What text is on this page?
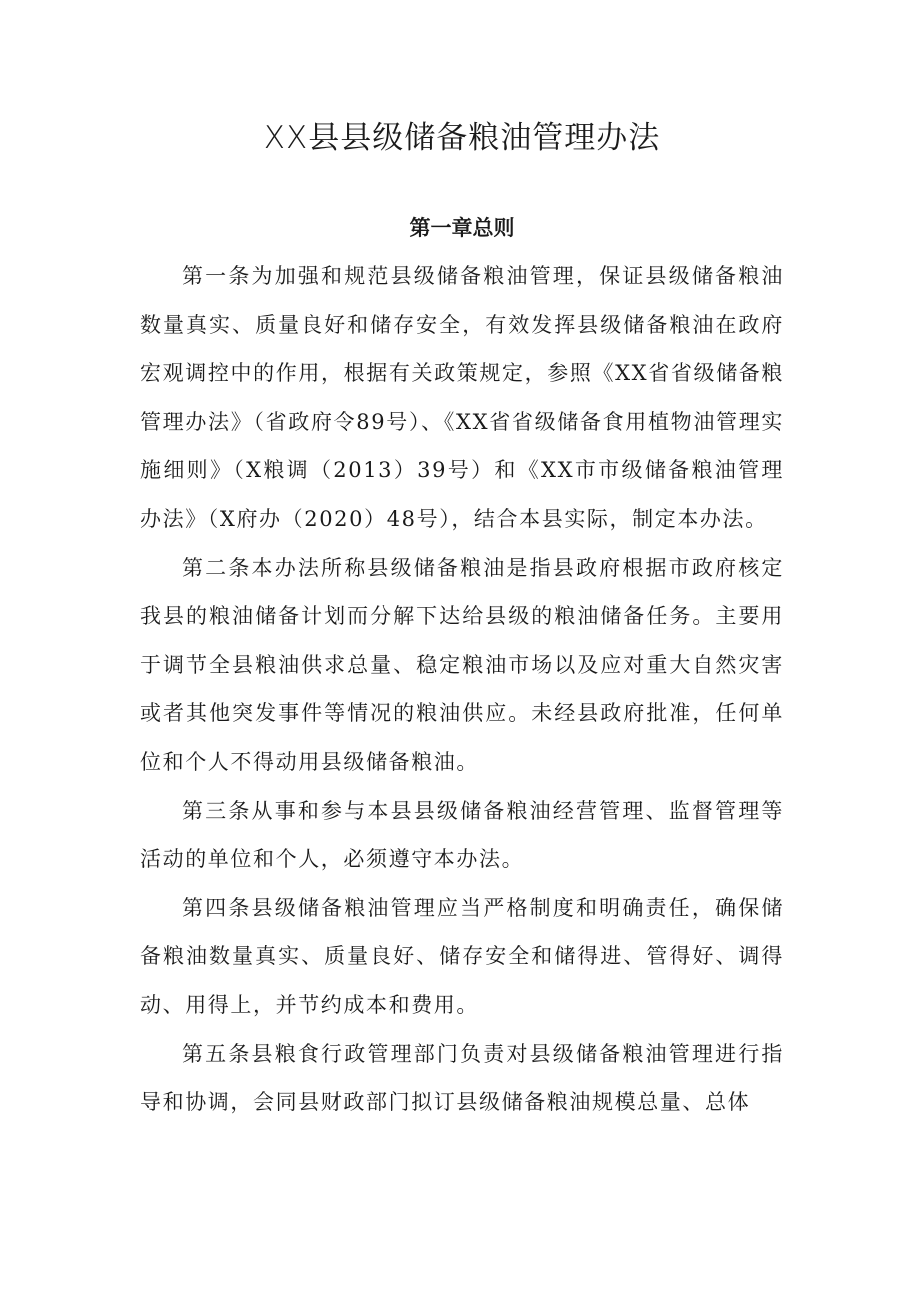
XX县县级储备粮油管理办法
第一章总则

第一条为加强和规范县级储备粮油管理，保证县级储备粮油数量真实、质量良好和储存安全，有效发挥县级储备粮油在政府宏观调控中的作用，根据有关政策规定，参照《XX省省级储备粮管理办法》（省政府令89号）、《XX省省级储备食用植物油管理实施细则》（X粮调（2013）39号）和《XX市市级储备粮油管理办法》（X府办（2020）48号），结合本县实际，制定本办法。

第二条本办法所称县级储备粮油是指县政府根据市政府核定我县的粮油储备计划而分解下达给县级的粮油储备任务。主要用于调节全县粮油供求总量、稳定粮油市场以及应对重大自然灾害或者其他突发事件等情况的粮油供应。未经县政府批准，任何单位和个人不得动用县级储备粮油。

第三条从事和参与本县县级储备粮油经营管理、监督管理等活动的单位和个人，必须遵守本办法。

第四条县级储备粮油管理应当严格制度和明确责任，确保储备粮油数量真实、质量良好、储存安全和储得进、管得好、调得动、用得上，并节约成本和费用。

第五条县粮食行政管理部门负责对县级储备粮油管理进行指导和协调，会同县财政部门拟订县级储备粮油规模总量、总体
